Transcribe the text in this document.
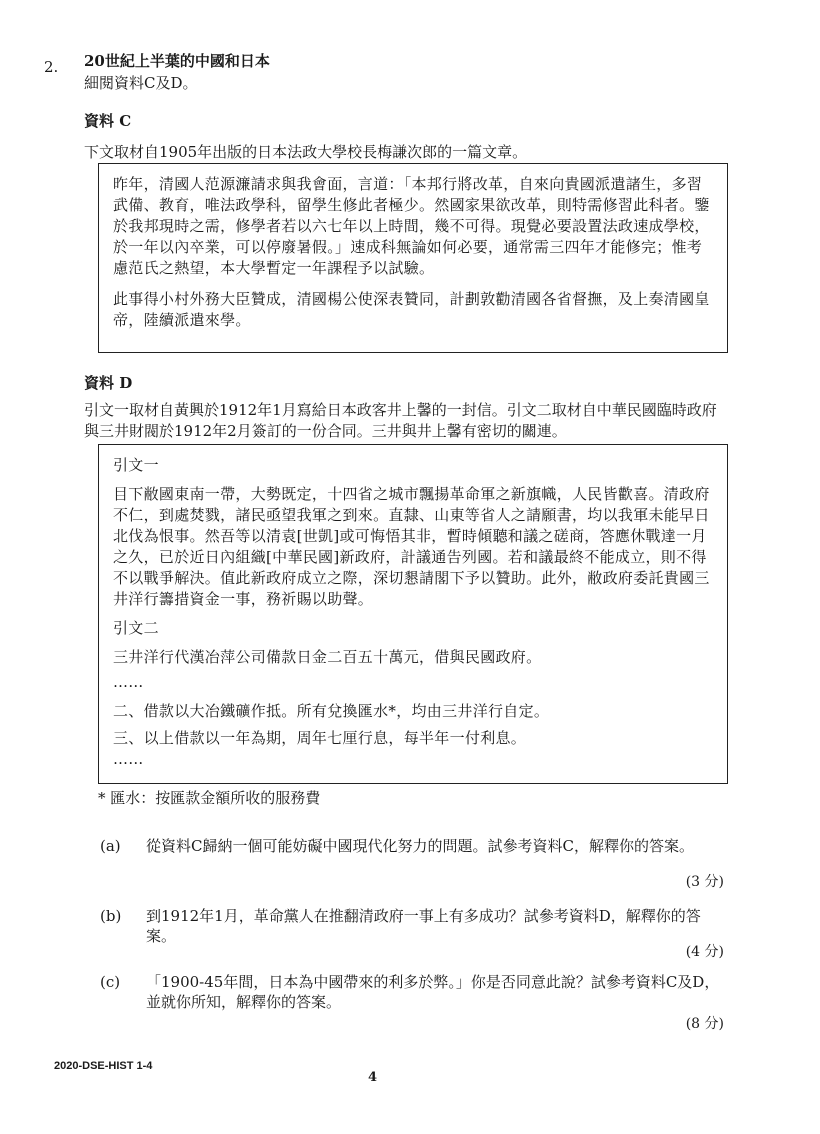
2. 20世紀上半葉的中國和日本
細閱資料C及D。
資料 C
下文取材自1905年出版的日本法政大學校長梅謙次郎的一篇文章。

昨年，清國人范源濂請求與我會面，言道：「本邦行將改革，自來向貴國派遣諸生，多習武備、教育，唯法政學科，留學生修此者極少。然國家果欲改革，則特需修習此科者。鑒於我邦現時之需，修學者若以六七年以上時間，幾不可得。現覺必要設置法政速成學校，於一年以內卒業，可以停廢暑假。」速成科無論如何必要，通常需三四年才能修完；惟考慮范氏之熱望，本大學暫定一年課程予以試驗。

此事得小村外務大臣贊成，清國楊公使深表贊同，計劃敦勸清國各省督撫，及上奏清國皇帝，陸續派遣來學。

資料 D
引文一取材自黃興於1912年1月寫給日本政客井上馨的一封信。引文二取材自中華民國臨時政府與三井財閥於1912年2月簽訂的一份合同。三井與井上馨有密切的關連。
引文一

目下敝國東南一帶，大勢既定，十四省之城市飄揚革命軍之新旗幟，人民皆歡喜。清政府不仁，到處焚戮，諸民亟望我軍之到來。直隸、山東等省人之請願書，均以我軍未能早日北伐為恨事。然吾等以清袁[世凱]或可悔悟其非，暫時傾聽和議之磋商，答應休戰達一月之久，已於近日內組織[中華民國]新政府，計議通告列國。若和議最終不能成立，則不得不以戰爭解決。值此新政府成立之際，深切懇請閣下予以贊助。此外，敝政府委託貴國三井洋行籌措資金一事，務祈賜以助聲。

引文二
三井洋行代漢冶萍公司備款日金二百五十萬元，借與民國政府。
……
二、借款以大冶鐵礦作抵。所有兌換匯水*，均由三井洋行自定。
三、以上借款以一年為期，周年七厘行息，每半年一付利息。
……
* 匯水：按匯款金額所收的服務費
(a) 從資料C歸納一個可能妨礙中國現代化努力的問題。試參考資料C，解釋你的答案。
(3 分)
(b) 到1912年1月，革命黨人在推翻清政府一事上有多成功？試參考資料D，解釋你的答案。
(4 分)
(c) 「1900-45年間，日本為中國帶來的利多於弊。」你是否同意此說？試參考資料C及D，並就你所知，解釋你的答案。
(8 分)
2020-DSE-HIST 1-4
4
